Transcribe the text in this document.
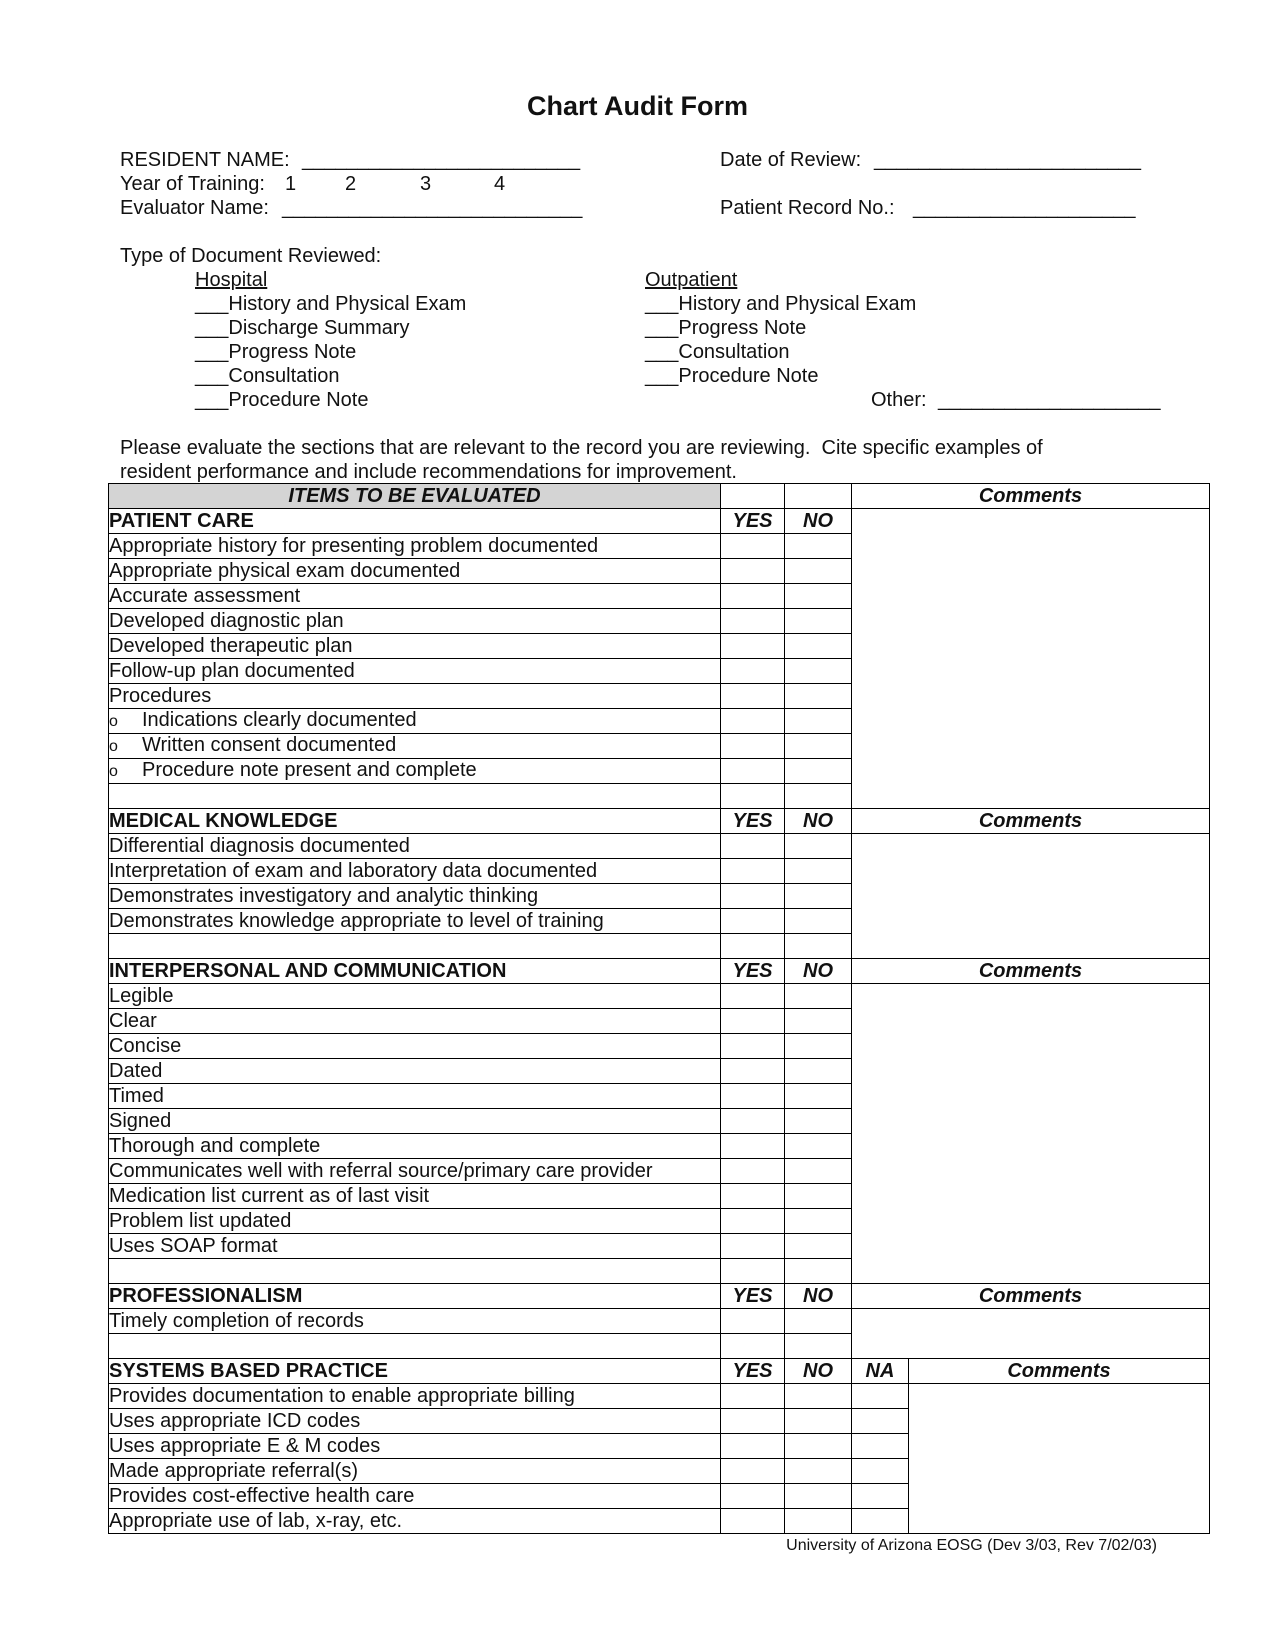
Chart Audit Form
RESIDENT NAME: _________________________
Year of Training: 1 2	3	4
Evaluator Name: ___________________________
Date of Review: ________________________
Patient Record No.: ____________________
Type of Document Reviewed:
Hospital
___History and Physical Exam
___Discharge Summary
___Progress Note
___Consultation
___Procedure Note
Outpatient
___History and Physical Exam
___Progress Note
___Consultation
___Procedure Note
Other: ____________________
Please evaluate the sections that are relevant to the record you are reviewing.  Cite specific examples of
resident performance and include recommendations for improvement.
ITEMS TO BE EVALUATED			Comments	
PATIENT CARE	YES	NO		
Appropriate history for presenting problem documented				
Appropriate physical exam documented				
Accurate assessment				
Developed diagnostic plan				
Developed therapeutic plan				
Follow-up plan documented				
Procedures				
o Indications clearly documented				
o Written consent documented				
o Procedure note present and complete				

MEDICAL KNOWLEDGE	YES	NO	Comments	
Differential diagnosis documented				
Interpretation of exam and laboratory data documented				
Demonstrates investigatory and analytic thinking				
Demonstrates knowledge appropriate to level of training				

INTERPERSONAL AND COMMUNICATION	YES	NO	Comments	
Legible				
Clear				
Concise				
Dated				
Timed				
Signed				
Thorough and complete				
Communicates well with referral source/primary care provider				
Medication list current as of last visit				
Problem list updated				
Uses SOAP format				

PROFESSIONALISM	YES	NO	Comments	
Timely completion of records				

SYSTEMS BASED PRACTICE	YES	NO	NA	Comments
Provides documentation to enable appropriate billing				
Uses appropriate ICD codes				
Uses appropriate E & M codes				
Made appropriate referral(s)				
Provides cost-effective health care				
Appropriate use of lab, x-ray, etc.				
University of Arizona EOSG (Dev 3/03, Rev 7/02/03)
